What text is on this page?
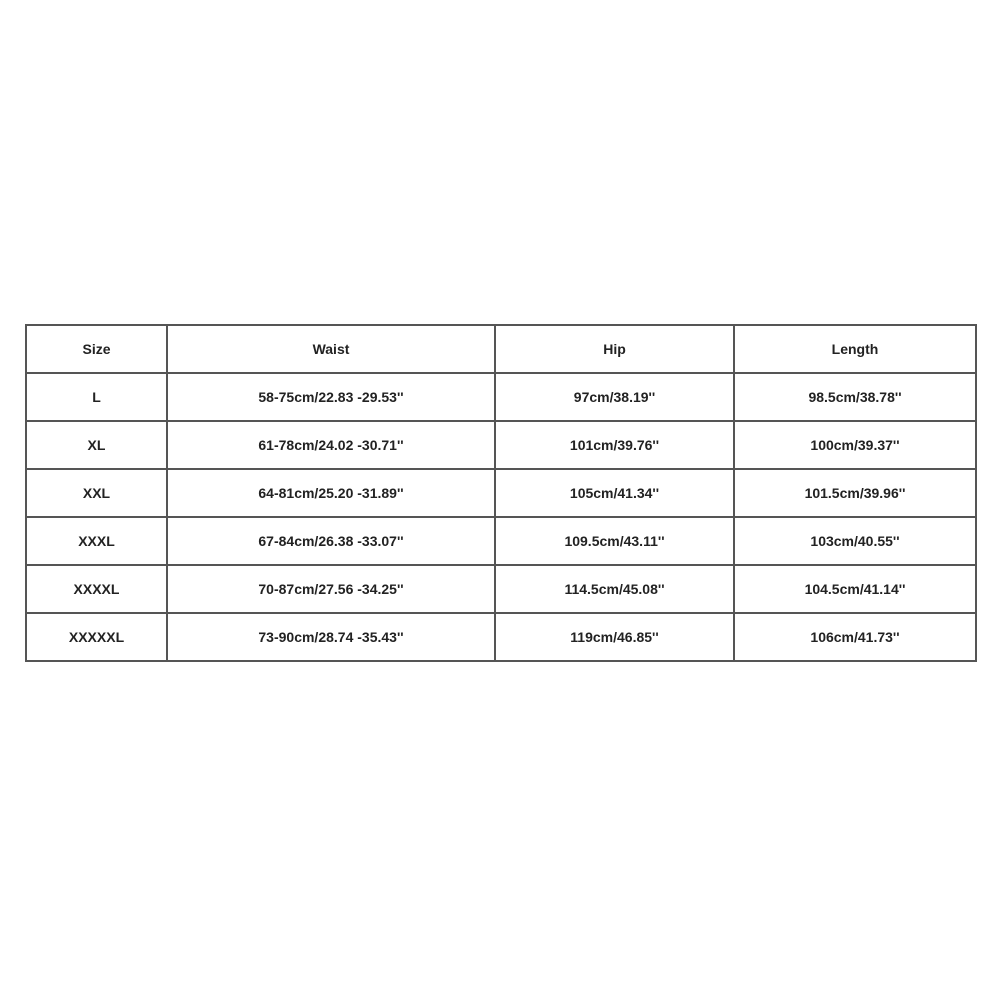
Size	Waist	Hip	Length
L	58-75cm/22.83 -29.53''	97cm/38.19''	98.5cm/38.78''
XL	61-78cm/24.02 -30.71''	101cm/39.76''	100cm/39.37''
XXL	64-81cm/25.20 -31.89''	105cm/41.34''	101.5cm/39.96''
XXXL	67-84cm/26.38 -33.07''	109.5cm/43.11''	103cm/40.55''
XXXXL	70-87cm/27.56 -34.25''	114.5cm/45.08''	104.5cm/41.14''
XXXXXL	73-90cm/28.74 -35.43''	119cm/46.85''	106cm/41.73''
